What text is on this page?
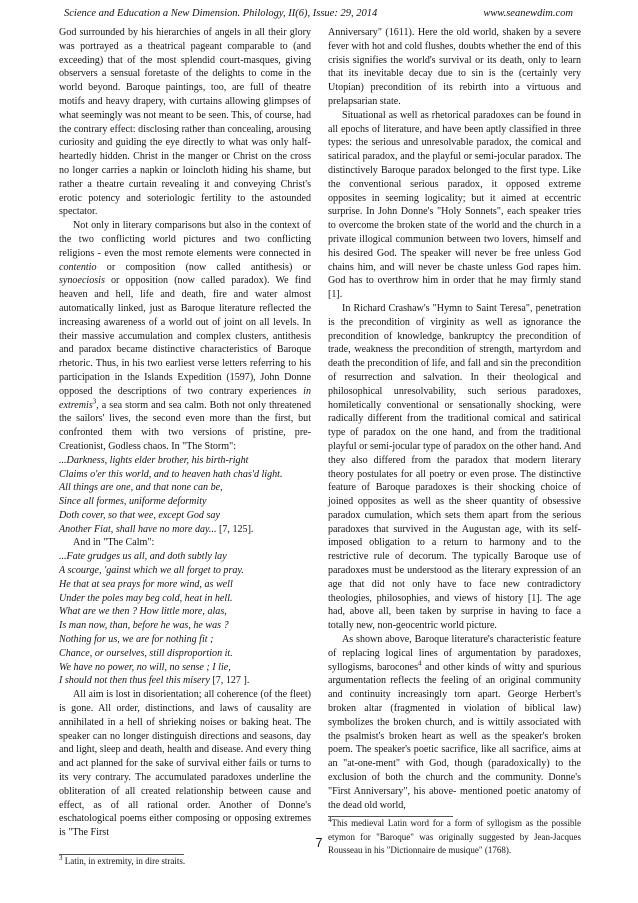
Science and Education a New Dimension. Philology, II(6), Issue: 29, 2014	www.seanewdim.com

God surrounded by his hierarchies of angels in all their glory was portrayed as a theatrical pageant comparable to (and exceeding) that of the most splendid court-masques, giving observers a sensual foretaste of the delights to come in the world beyond. Baroque paintings, too, are full of theatre motifs and heavy drapery, with curtains allowing glimpses of what seemingly was not meant to be seen. This, of course, had the contrary effect: disclosing rather than concealing, arousing curiosity and guiding the eye directly to what was only half-heartedly hidden. Christ in the manger or Christ on the cross no longer carries a napkin or loincloth hiding his shame, but rather a theatre curtain revealing it and conveying Christ's erotic potency and soteriologic fertility to the astounded spectator.

Not only in literary comparisons but also in the context of the two conflicting world pictures and two conflicting religions - even the most remote elements were connected in contentio or composition (now called antithesis) or synoeciosis or opposition (now called paradox). We find heaven and hell, life and death, fire and water almost automatically linked, just as Baroque literature reflected the increasing awareness of a world out of joint on all levels. In their massive accumulation and complex clusters, antithesis and paradox became distinctive characteristics of Baroque rhetoric. Thus, in his two earliest verse letters referring to his participation in the Islands Expedition (1597), John Donne opposed the descriptions of two contrary experiences in extremis$^3$, a sea storm and sea calm. Both not only threatened the sailors' lives, the second even more than the first, but confronted them with two versions of pristine, pre-Creationist, Godless chaos. In "The Storm":

...Darkness, lights elder brother, his birth-right
Claims o'er this world, and to heaven hath chas'd light.
All things are one, and that none can be,
Since all formes, uniforme deformity
Doth cover, so that wee, except God say
Another Fiat, shall have no more day... [7, 125].

And in "The Calm":

...Fate grudges us all, and doth subtly lay
A scourge, 'gainst which we all forget to pray.
He that at sea prays for more wind, as well
Under the poles may beg cold, heat in hell.
What are we then ? How little more, alas,
Is man now, than, before he was, he was ?
Nothing for us, we are for nothing fit ;
Chance, or ourselves, still disproportion it.
We have no power, no will, no sense ; I lie,
I should not then thus feel this misery [7, 127 ].

All aim is lost in disorientation; all coherence (of the fleet) is gone. All order, distinctions, and laws of causality are annihilated in a hell of shrieking noises or baking heat. The speaker can no longer distinguish directions and seasons, day and light, sleep and death, health and disease. And every thing and act planned for the sake of survival either fails or turns to its very contrary. The accumulated paradoxes underline the obliteration of all created relationship between cause and effect, as of all rational order. Another of Donne's eschatological poems either composing or opposing extremes is "The First

$^3$ Latin, in extremity, in dire straits.

Anniversary" (1611). Here the old world, shaken by a severe fever with hot and cold flushes, doubts whether the end of this crisis signifies the world's survival or its death, only to learn that its inevitable decay due to sin is the (certainly very Utopian) precondition of its rebirth into a virtuous and prelapsarian state.

Situational as well as rhetorical paradoxes can be found in all epochs of literature, and have been aptly classified in three types: the serious and unresolvable paradox, the comical and satirical paradox, and the playful or semi-jocular paradox. The distinctively Baroque paradox belonged to the first type. Like the conventional serious paradox, it opposed extreme opposites in seeming logicality; but it aimed at eccentric surprise. In John Donne's "Holy Sonnets", each speaker tries to overcome the broken state of the world and the church in a private illogical communion between two lovers, himself and his desired God. The speaker will never be free unless God chains him, and will never be chaste unless God rapes him. God has to overthrow him in order that he may firmly stand [1].

In Richard Crashaw's "Hymn to Saint Teresa", penetration is the precondition of virginity as well as ignorance the precondition of knowledge, bankruptcy the precondition of trade, weakness the precondition of strength, martyrdom and death the precondition of life, and fall and sin the precondition of resurrection and salvation. In their theological and philosophical unresolvability, such serious paradoxes, homiletically conventional or sensationally shocking, were radically different from the traditional comical and satirical type of paradox on the one hand, and from the traditional playful or semi-jocular type of paradox on the other hand. And they also differed from the paradox that modern literary theory postulates for all poetry or even prose. The distinctive feature of Baroque paradoxes is their shocking choice of joined opposites as well as the sheer quantity of obsessive paradox cumulation, which sets them apart from the serious paradoxes that survived in the Augustan age, with its self-imposed obligation to a return to harmony and to the restrictive rule of decorum. The typically Baroque use of paradoxes must be understood as the literary expression of an age that did not only have to face new contradictory theologies, philosophies, and views of history [1]. The age had, above all, been taken by surprise in having to face a totally new, non-geocentric world picture.

As shown above, Baroque literature's characteristic feature of replacing logical lines of argumentation by paradoxes, syllogisms, barocones$^4$ and other kinds of witty and spurious argumentation reflects the feeling of an original community and continuity increasingly torn apart. George Herbert's broken altar (fragmented in violation of biblical law) symbolizes the broken church, and is wittily associated with the psalmist's broken heart as well as the speaker's broken poem. The speaker's poetic sacrifice, like all sacrifice, aims at an "at-one-ment" with God, though (paradoxically) to the exclusion of both the church and the community. Donne's "First Anniversary", his above- mentioned poetic anatomy of the dead old world,

$^4$This medieval Latin word for a form of syllogism as the possible etymon for "Baroque" was originally suggested by Jean-Jacques Rousseau in his "Dictionnaire de musique" (1768).
7
